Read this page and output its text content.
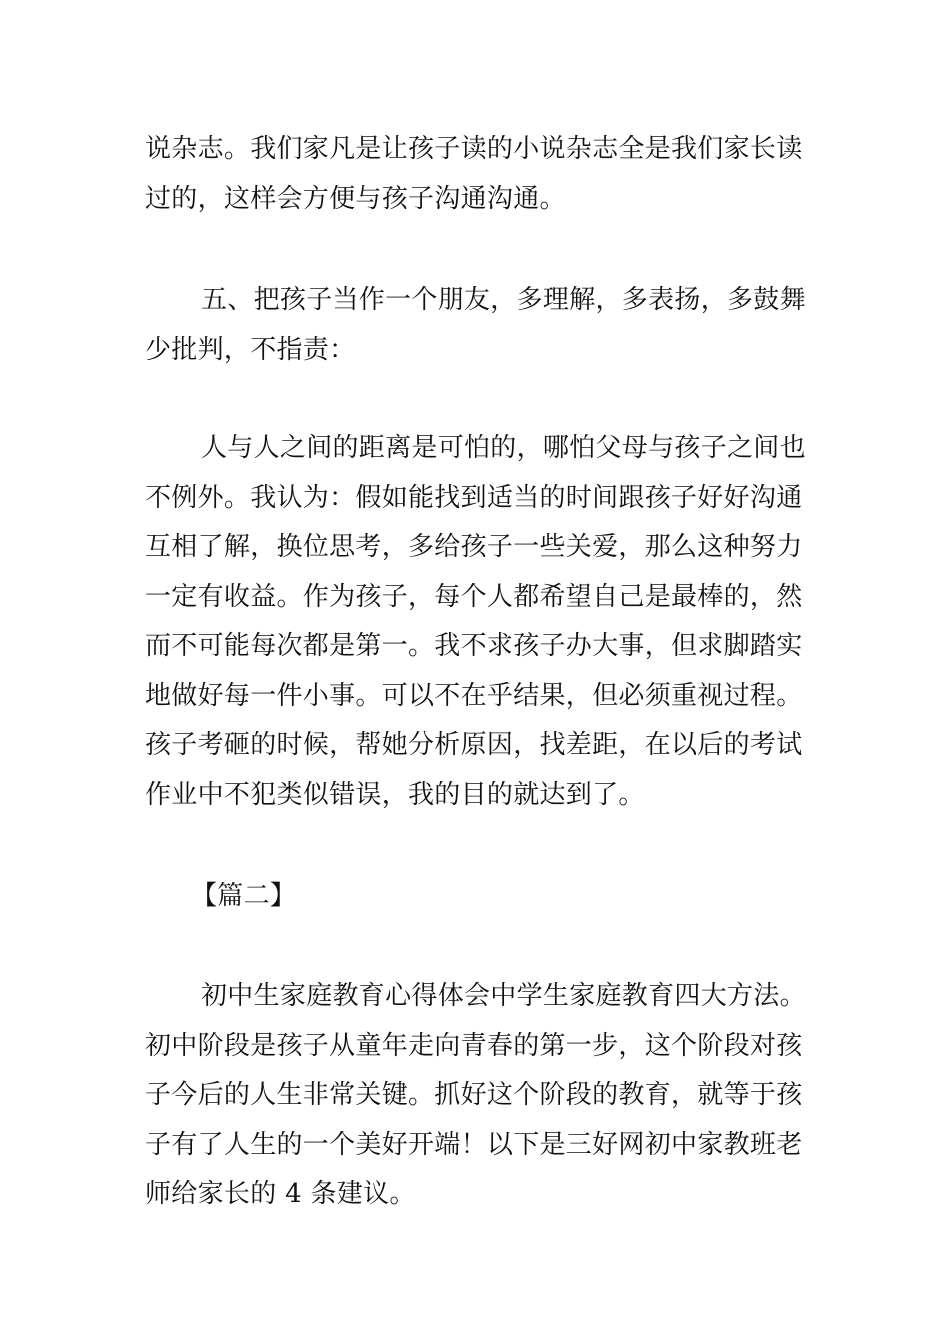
说杂志。我们家凡是让孩子读的小说杂志全是我们家长读
过的，这样会方便与孩子沟通沟通。
五、把孩子当作一个朋友，多理解，多表扬，多鼓舞
少批判，不指责：
人与人之间的距离是可怕的，哪怕父母与孩子之间也
不例外。我认为：假如能找到适当的时间跟孩子好好沟通
互相了解，换位思考，多给孩子一些关爱，那么这种努力
一定有收益。作为孩子，每个人都希望自己是最棒的，然
而不可能每次都是第一。我不求孩子办大事，但求脚踏实
地做好每一件小事。可以不在乎结果，但必须重视过程。
孩子考砸的时候，帮她分析原因，找差距，在以后的考试
作业中不犯类似错误，我的目的就达到了。
【篇二】
初中生家庭教育心得体会中学生家庭教育四大方法。
初中阶段是孩子从童年走向青春的第一步，这个阶段对孩
子今后的人生非常关键。抓好这个阶段的教育，就等于孩
子有了人生的一个美好开端！以下是三好网初中家教班老
师给家长的 4 条建议。
